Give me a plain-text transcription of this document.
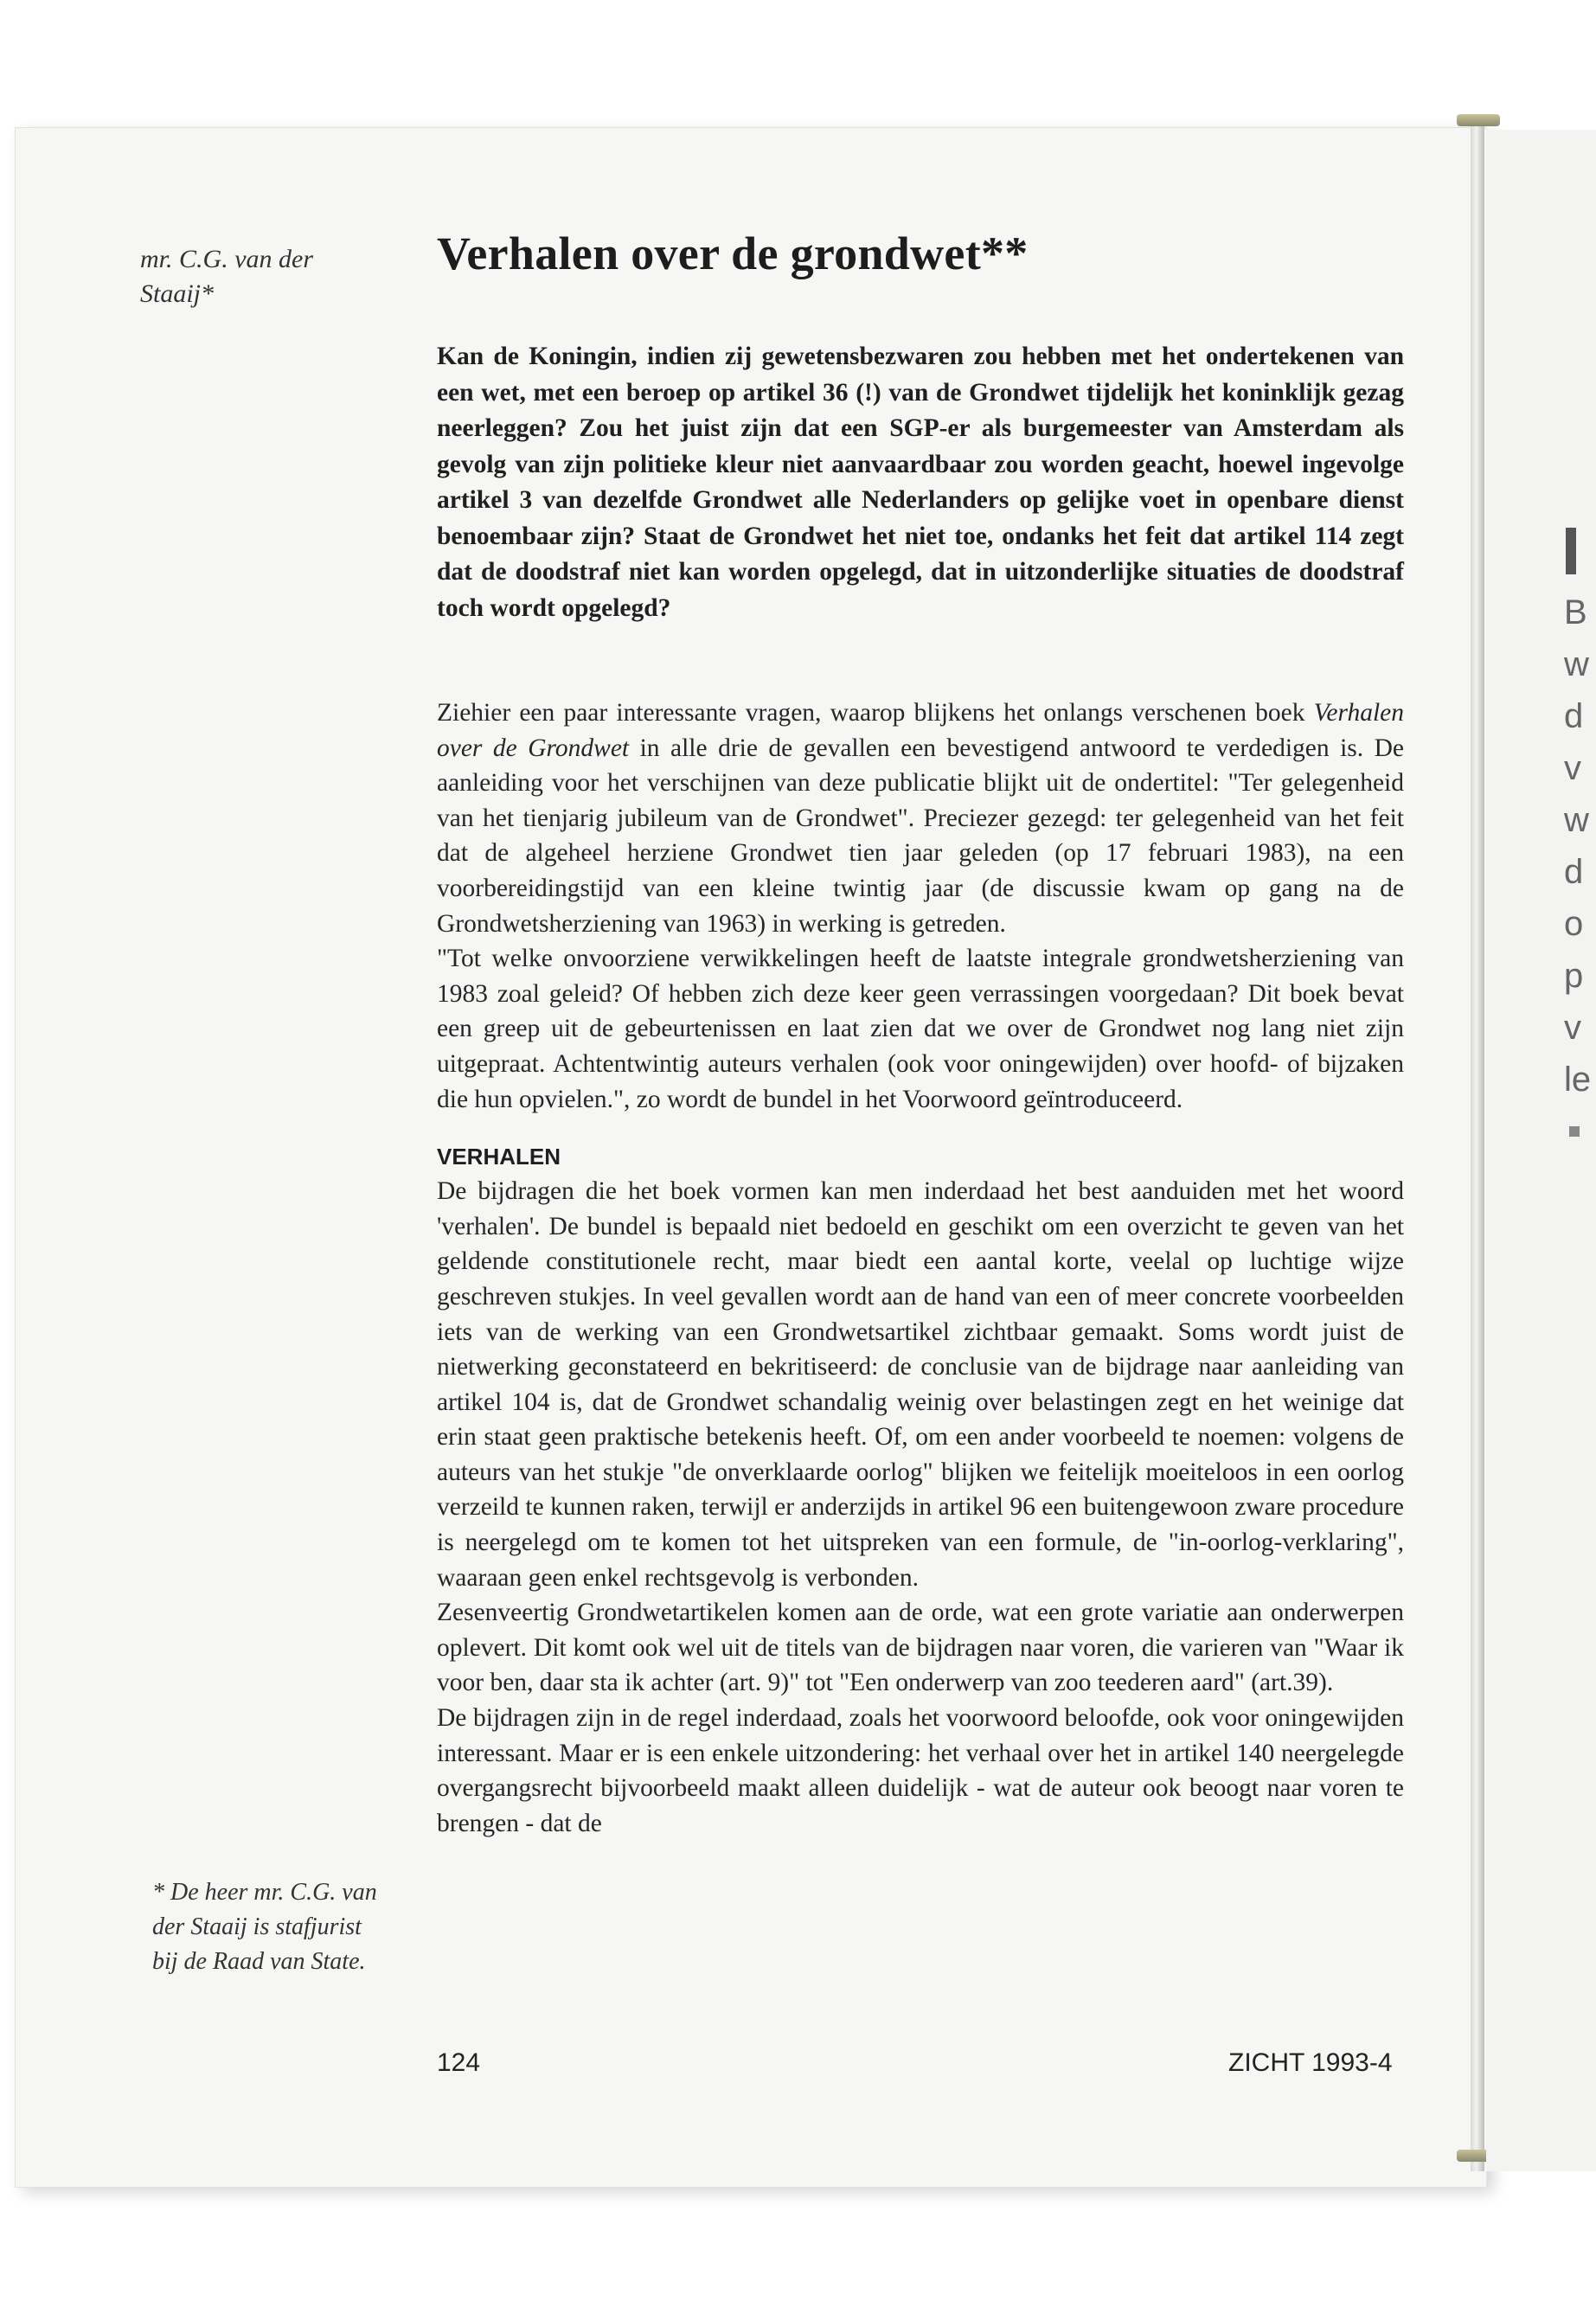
B
w
d
v
w
d
o
p
v
le
mr. C.G. van der Staaij*
Verhalen over de grondwet**

Kan de Koningin, indien zij gewetensbezwaren zou hebben met het ondertekenen van een wet, met een beroep op artikel 36 (!) van de Grondwet tijdelijk het koninklijk gezag neerleggen? Zou het juist zijn dat een SGP-er als burgemeester van Amsterdam als gevolg van zijn politieke kleur niet aanvaardbaar zou worden geacht, hoewel ingevolge artikel 3 van dezelfde Grondwet alle Nederlanders op gelijke voet in openbare dienst benoembaar zijn? Staat de Grondwet het niet toe, ondanks het feit dat artikel 114 zegt dat de doodstraf niet kan worden opgelegd, dat in uitzonderlijke situaties de doodstraf toch wordt opgelegd?

Ziehier een paar interessante vragen, waarop blijkens het onlangs verschenen boek Verhalen over de Grondwet in alle drie de gevallen een bevestigend antwoord te verdedigen is. De aanleiding voor het verschijnen van deze publicatie blijkt uit de ondertitel: "Ter gelegenheid van het tienjarig jubileum van de Grondwet". Preciezer gezegd: ter gelegenheid van het feit dat de algeheel herziene Grondwet tien jaar geleden (op 17 februari 1983), na een voorbereidingstijd van een kleine twintig jaar (de discussie kwam op gang na de Grondwetsherziening van 1963) in werking is getreden.

"Tot welke onvoorziene verwikkelingen heeft de laatste integrale grondwetsherziening van 1983 zoal geleid? Of hebben zich deze keer geen verrassingen voorgedaan? Dit boek bevat een greep uit de gebeurtenissen en laat zien dat we over de Grondwet nog lang niet zijn uitgepraat. Achtentwintig auteurs verhalen (ook voor oningewijden) over hoofd- of bijzaken die hun opvielen.", zo wordt de bundel in het Voorwoord geïntroduceerd.

VERHALEN

De bijdragen die het boek vormen kan men inderdaad het best aanduiden met het woord 'verhalen'. De bundel is bepaald niet bedoeld en geschikt om een overzicht te geven van het geldende constitutionele recht, maar biedt een aantal korte, veelal op luchtige wijze geschreven stukjes. In veel gevallen wordt aan de hand van een of meer concrete voorbeelden iets van de werking van een Grondwetsartikel zichtbaar gemaakt. Soms wordt juist de nietwerking geconstateerd en bekritiseerd: de conclusie van de bijdrage naar aanleiding van artikel 104 is, dat de Grondwet schandalig weinig over belastingen zegt en het weinige dat erin staat geen praktische betekenis heeft. Of, om een ander voorbeeld te noemen: volgens de auteurs van het stukje "de onverklaarde oorlog" blijken we feitelijk moeiteloos in een oorlog verzeild te kunnen raken, terwijl er anderzijds in artikel 96 een buitengewoon zware procedure is neergelegd om te komen tot het uitspreken van een formule, de "in-oorlog-verklaring", waaraan geen enkel rechtsgevolg is verbonden.

Zesenveertig Grondwetartikelen komen aan de orde, wat een grote variatie aan onderwerpen oplevert. Dit komt ook wel uit de titels van de bijdragen naar voren, die varieren van "Waar ik voor ben, daar sta ik achter (art. 9)" tot "Een onderwerp van zoo teederen aard" (art.39).

De bijdragen zijn in de regel inderdaad, zoals het voorwoord beloofde, ook voor oningewijden interessant. Maar er is een enkele uitzondering: het verhaal over het in artikel 140 neergelegde overgangsrecht bijvoorbeeld maakt alleen duidelijk - wat de auteur ook beoogt naar voren te brengen - dat de

* De heer mr. C.G. van der Staaij is stafjurist bij de Raad van State.
124	ZICHT 1993-4
